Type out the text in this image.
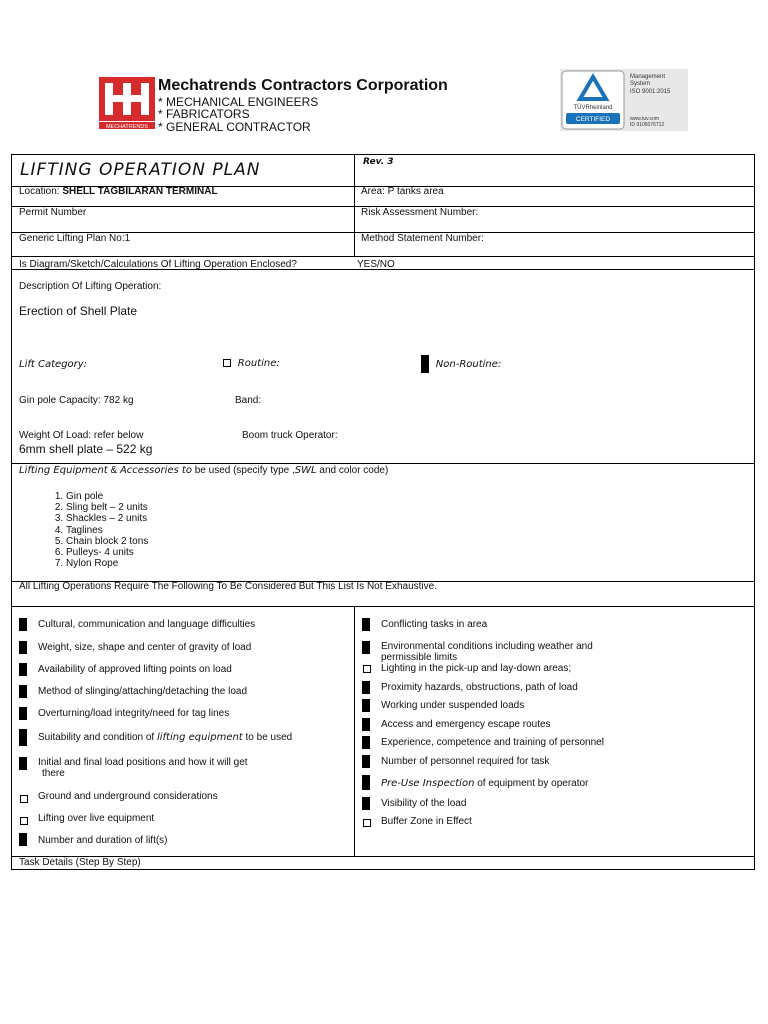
MECHATRENDS
Mechatrends Contractors Corporation
* MECHANICAL ENGINEERS
* FABRICATORS
* GENERAL CONTRACTOR
TÜVRheinland
CERTIFIED
Management
System
ISO 9001:2015
www.tuv.com
ID 9105076712
LIFTING OPERATION PLAN	Rev. 3
Location: SHELL TAGBILARAN TERMINAL	Area: P tanks area
Permit Number	Risk Assessment Number:
Generic Lifting Plan No:1	Method Statement Number:
Is Diagram/Sketch/Calculations Of Lifting Operation Enclosed?	YES/NO
Description Of Lifting Operation:
Erection of Shell Plate
Lift Category:	Routine:	Non-Routine:
Gin pole Capacity: 782 kg	Band:
Weight Of Load: refer below	Boom truck Operator:
6mm shell plate – 522 kg
Lifting Equipment & Accessories to be used (specify type ,SWL and color code)
1. Gin pole
2. Sling belt – 2 units
3. Shackles – 2 units
4. Taglines
5. Chain block 2 tons
6. Pulleys- 4 units
7. Nylon Rope
All Lifting Operations Require The Following To Be Considered But This List Is Not Exhaustive.
Cultural, communication and language difficulties
Weight, size, shape and center of gravity of load
Availability of approved lifting points on load
Method of slinging/attaching/detaching the load
Overturning/load integrity/need for tag lines
Suitability and condition of lifting equipment to be used
Initial and final load positions and how it will get
there
Ground and underground considerations
Lifting over live equipment
Number and duration of lift(s)
Conflicting tasks in area
Environmental conditions including weather and
permissible limits
Lighting in the pick-up and lay-down areas;
Proximity hazards, obstructions, path of load
Working under suspended loads
Access and emergency escape routes
Experience, competence and training of personnel
Number of personnel required for task
Pre-Use Inspection of equipment by operator
Visibility of the load
Buffer Zone in Effect
Task Details (Step By Step)
